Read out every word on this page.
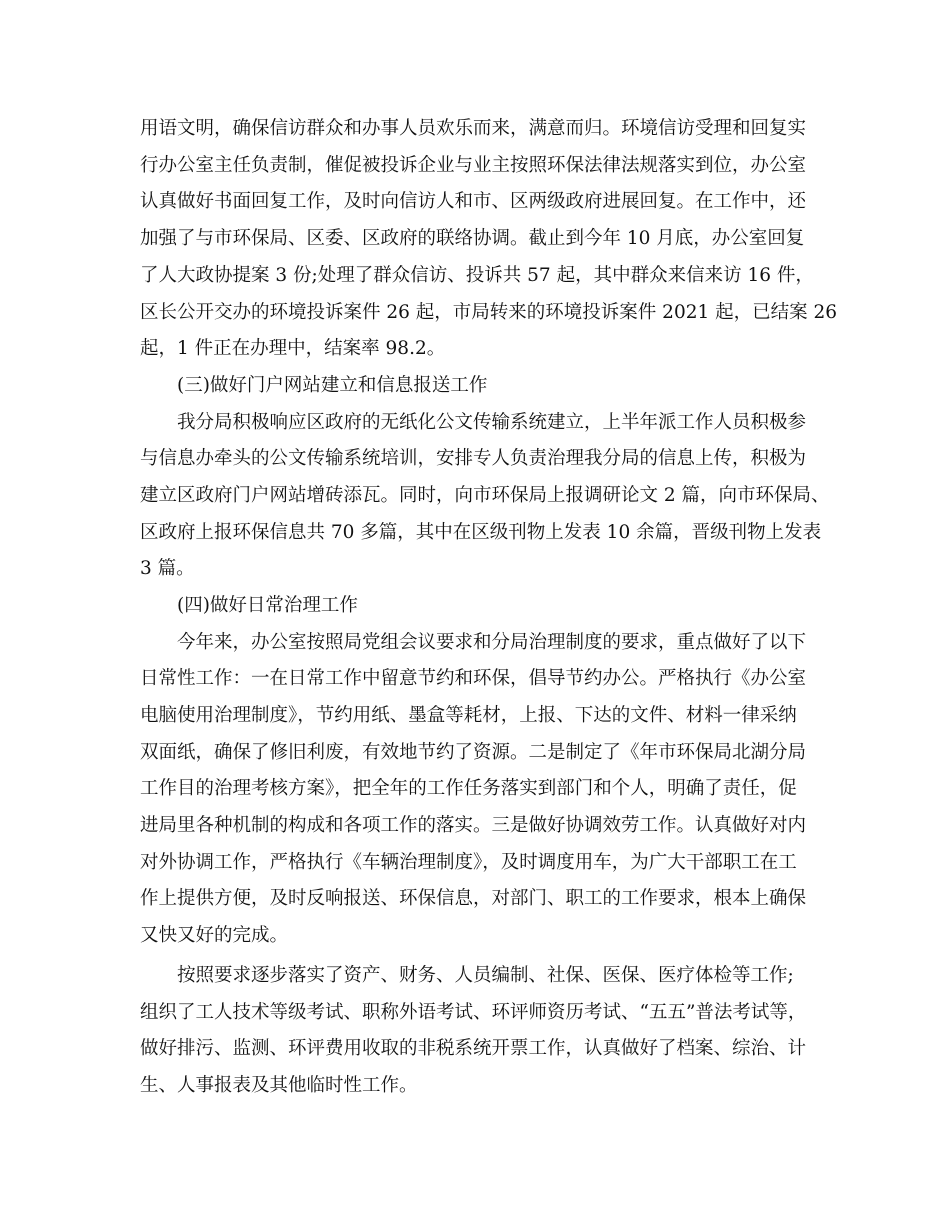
用语文明，确保信访群众和办事人员欢乐而来，满意而归。环境信访受理和回复实

行办公室主任负责制，催促被投诉企业与业主按照环保法律法规落实到位，办公室

认真做好书面回复工作，及时向信访人和市、区两级政府进展回复。在工作中，还

加强了与市环保局、区委、区政府的联络协调。截止到今年 10 月底，办公室回复

了人大政协提案 3 份;处理了群众信访、投诉共 57 起，其中群众来信来访 16 件，

区长公开交办的环境投诉案件 26 起，市局转来的环境投诉案件 2021 起，已结案 26

起，1 件正在办理中，结案率 98.2。

(三)做好门户网站建立和信息报送工作

我分局积极响应区政府的无纸化公文传输系统建立，上半年派工作人员积极参

与信息办牵头的公文传输系统培训，安排专人负责治理我分局的信息上传，积极为

建立区政府门户网站增砖添瓦。同时，向市环保局上报调研论文 2 篇，向市环保局、

区政府上报环保信息共 70 多篇，其中在区级刊物上发表 10 余篇，晋级刊物上发表

3 篇。

(四)做好日常治理工作

今年来，办公室按照局党组会议要求和分局治理制度的要求，重点做好了以下

日常性工作：一在日常工作中留意节约和环保，倡导节约办公。严格执行《办公室

电脑使用治理制度》，节约用纸、墨盒等耗材，上报、下达的文件、材料一律采纳

双面纸，确保了修旧利废，有效地节约了资源。二是制定了《年市环保局北湖分局

工作目的治理考核方案》，把全年的工作任务落实到部门和个人，明确了责任，促

进局里各种机制的构成和各项工作的落实。三是做好协调效劳工作。认真做好对内

对外协调工作，严格执行《车辆治理制度》，及时调度用车，为广大干部职工在工

作上提供方便，及时反响报送、环保信息，对部门、职工的工作要求，根本上确保

又快又好的完成。

按照要求逐步落实了资产、财务、人员编制、社保、医保、医疗体检等工作;

组织了工人技术等级考试、职称外语考试、环评师资历考试、“五五”普法考试等，

做好排污、监测、环评费用收取的非税系统开票工作，认真做好了档案、综治、计

生、人事报表及其他临时性工作。
